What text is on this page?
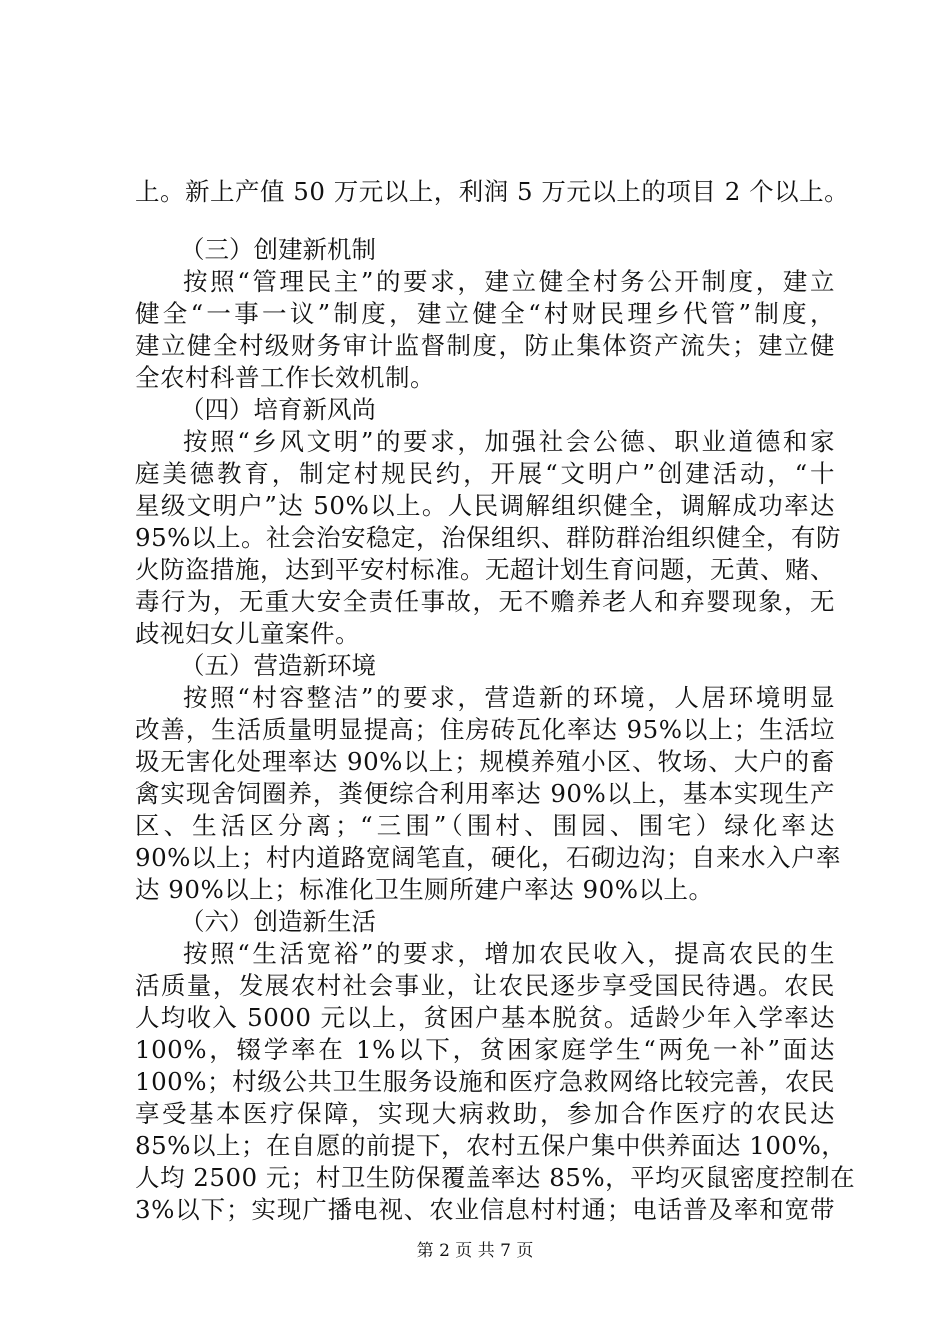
上。新上产值 50 万元以上，利润 5 万元以上的项目 2 个以上。
（三）创建新机制
按照“管理民主”的要求，建立健全村务公开制度，建立
健全“一事一议”制度，建立健全“村财民理乡代管”制度，
建立健全村级财务审计监督制度，防止集体资产流失；建立健
全农村科普工作长效机制。
（四）培育新风尚
按照“乡风文明”的要求，加强社会公德、职业道德和家
庭美德教育，制定村规民约，开展“文明户”创建活动，“十
星级文明户”达 50%以上。人民调解组织健全，调解成功率达
95%以上。社会治安稳定，治保组织、群防群治组织健全，有防
火防盗措施，达到平安村标准。无超计划生育问题，无黄、赌、
毒行为，无重大安全责任事故，无不赡养老人和弃婴现象，无
歧视妇女儿童案件。
（五）营造新环境
按照“村容整洁”的要求，营造新的环境，人居环境明显
改善，生活质量明显提高；住房砖瓦化率达 95%以上；生活垃
圾无害化处理率达 90%以上；规模养殖小区、牧场、大户的畜
禽实现舍饲圈养，粪便综合利用率达 90%以上，基本实现生产
区、生活区分离；“三围”（围村、围园、围宅）绿化率达
90%以上；村内道路宽阔笔直，硬化，石砌边沟；自来水入户率
达 90%以上；标准化卫生厕所建户率达 90%以上。
（六）创造新生活
按照“生活宽裕”的要求，增加农民收入，提高农民的生
活质量，发展农村社会事业，让农民逐步享受国民待遇。农民
人均收入 5000 元以上，贫困户基本脱贫。适龄少年入学率达
100%，辍学率在 1%以下，贫困家庭学生“两免一补”面达
100%；村级公共卫生服务设施和医疗急救网络比较完善，农民
享受基本医疗保障，实现大病救助，参加合作医疗的农民达
85%以上；在自愿的前提下，农村五保户集中供养面达 100%，
人均 2500 元；村卫生防保覆盖率达 85%，平均灭鼠密度控制在
3%以下；实现广播电视、农业信息村村通；电话普及率和宽带
第 2 页 共 7 页
